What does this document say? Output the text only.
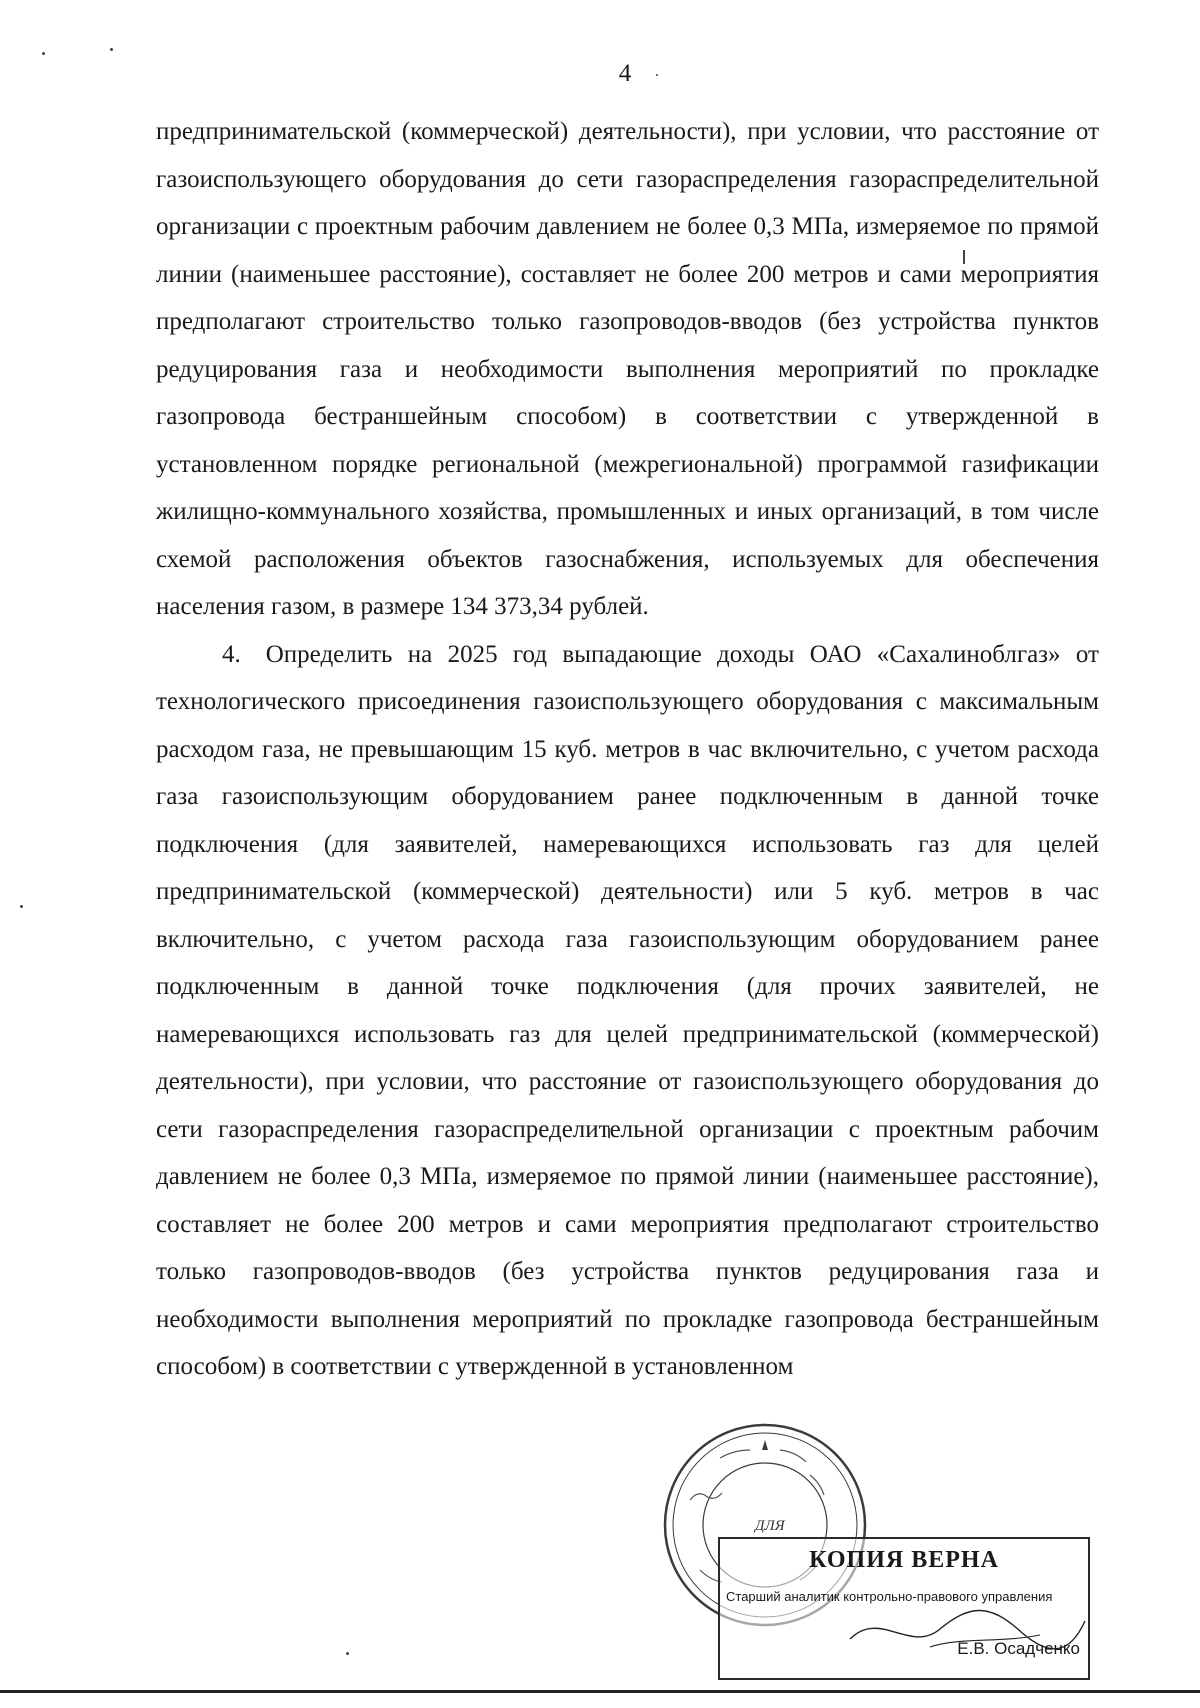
4

предпринимательской (коммерческой) деятельности), при условии, что расстояние от газоиспользующего оборудования до сети газораспределения газораспределительной организации с проектным рабочим давлением не более 0,3 МПа, измеряемое по прямой линии (наименьшее расстояние), составляет не более 200 метров и сами мероприятия предполагают строительство только газопроводов-вводов (без устройства пунктов редуцирования газа и необходимости выполнения мероприятий по прокладке газопровода бестраншейным способом) в соответствии с утвержденной в установленном порядке региональной (межрегиональной) программой газификации жилищно-коммунального хозяйства, промышленных и иных организаций, в том числе схемой расположения объектов газоснабжения, используемых для обеспечения населения газом, в размере 134 373,34 рублей.

4. Определить на 2025 год выпадающие доходы ОАО «Сахалиноблгаз» от технологического присоединения газоиспользующего оборудования с максимальным расходом газа, не превышающим 15 куб. метров в час включительно, с учетом расхода газа газоиспользующим оборудованием ранее подключенным в данной точке подключения (для заявителей, намеревающихся использовать газ для целей предпринимательской (коммерческой) деятельности) или 5 куб. метров в час включительно, с учетом расхода газа газоиспользующим оборудованием ранее подключенным в данной точке подключения (для прочих заявителей, не намеревающихся использовать газ для целей предпринимательской (коммерческой) деятельности), при условии, что расстояние от газоиспользующего оборудования до сети газораспределения газораспределительной организации с проектным рабочим давлением не более 0,3 МПа, измеряемое по прямой линии (наименьшее расстояние), составляет не более 200 метров и сами мероприятия предполагают строительство только газопроводов-вводов (без устройства пунктов редуцирования газа и необходимости выполнения мероприятий по прокладке газопровода бестраншейным способом) в соответствии с утвержденной в установленном

ДЛЯ
КОПИЯ ВЕРНА
Старший аналитик контрольно-правового управления
Е.В. Осадченко
